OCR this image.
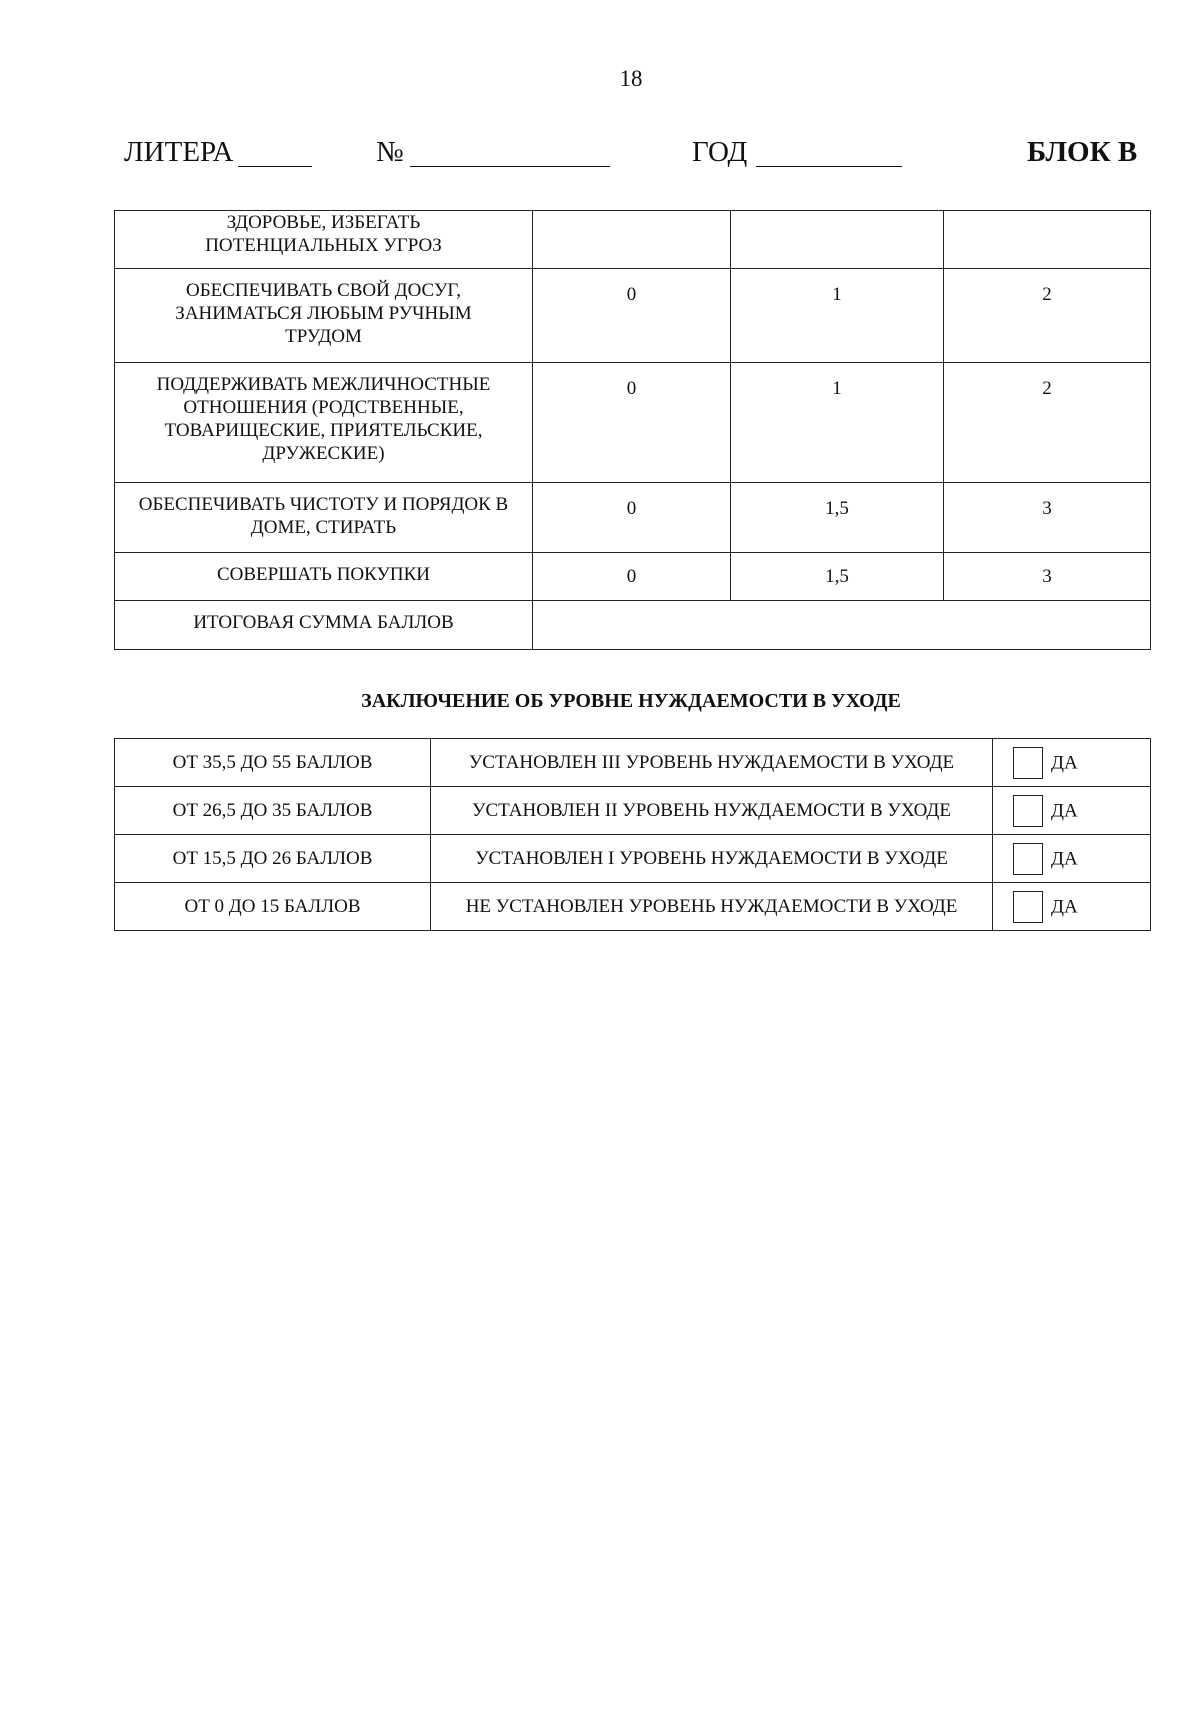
18
ЛИТЕРА	№	ГОД	БЛОК В
ЗДОРОВЬЕ, ИЗБЕГАТЬ ПОТЕНЦИАЛЬНЫХ УГРОЗ			
ОБЕСПЕЧИВАТЬ СВОЙ ДОСУГ, ЗАНИМАТЬСЯ ЛЮБЫМ РУЧНЫМ ТРУДОМ	0	1	2
ПОДДЕРЖИВАТЬ МЕЖЛИЧНОСТНЫЕ ОТНОШЕНИЯ (РОДСТВЕННЫЕ, ТОВАРИЩЕСКИЕ, ПРИЯТЕЛЬСКИЕ, ДРУЖЕСКИЕ)	0	1	2
ОБЕСПЕЧИВАТЬ ЧИСТОТУ И ПОРЯДОК В ДОМЕ, СТИРАТЬ	0	1,5	3
СОВЕРШАТЬ ПОКУПКИ	0	1,5	3
ИТОГОВАЯ СУММА БАЛЛОВ			
ЗАКЛЮЧЕНИЕ ОБ УРОВНЕ НУЖДАЕМОСТИ В УХОДЕ
ОТ 35,5 ДО 55 БАЛЛОВ	УСТАНОВЛЕН III УРОВЕНЬ НУЖДАЕМОСТИ В УХОДЕ	ДА
ОТ 26,5 ДО 35 БАЛЛОВ	УСТАНОВЛЕН II УРОВЕНЬ НУЖДАЕМОСТИ В УХОДЕ	ДА
ОТ 15,5 ДО 26 БАЛЛОВ	УСТАНОВЛЕН I УРОВЕНЬ НУЖДАЕМОСТИ В УХОДЕ	ДА
ОТ 0 ДО 15 БАЛЛОВ	НЕ УСТАНОВЛЕН УРОВЕНЬ НУЖДАЕМОСТИ В УХОДЕ	ДА
